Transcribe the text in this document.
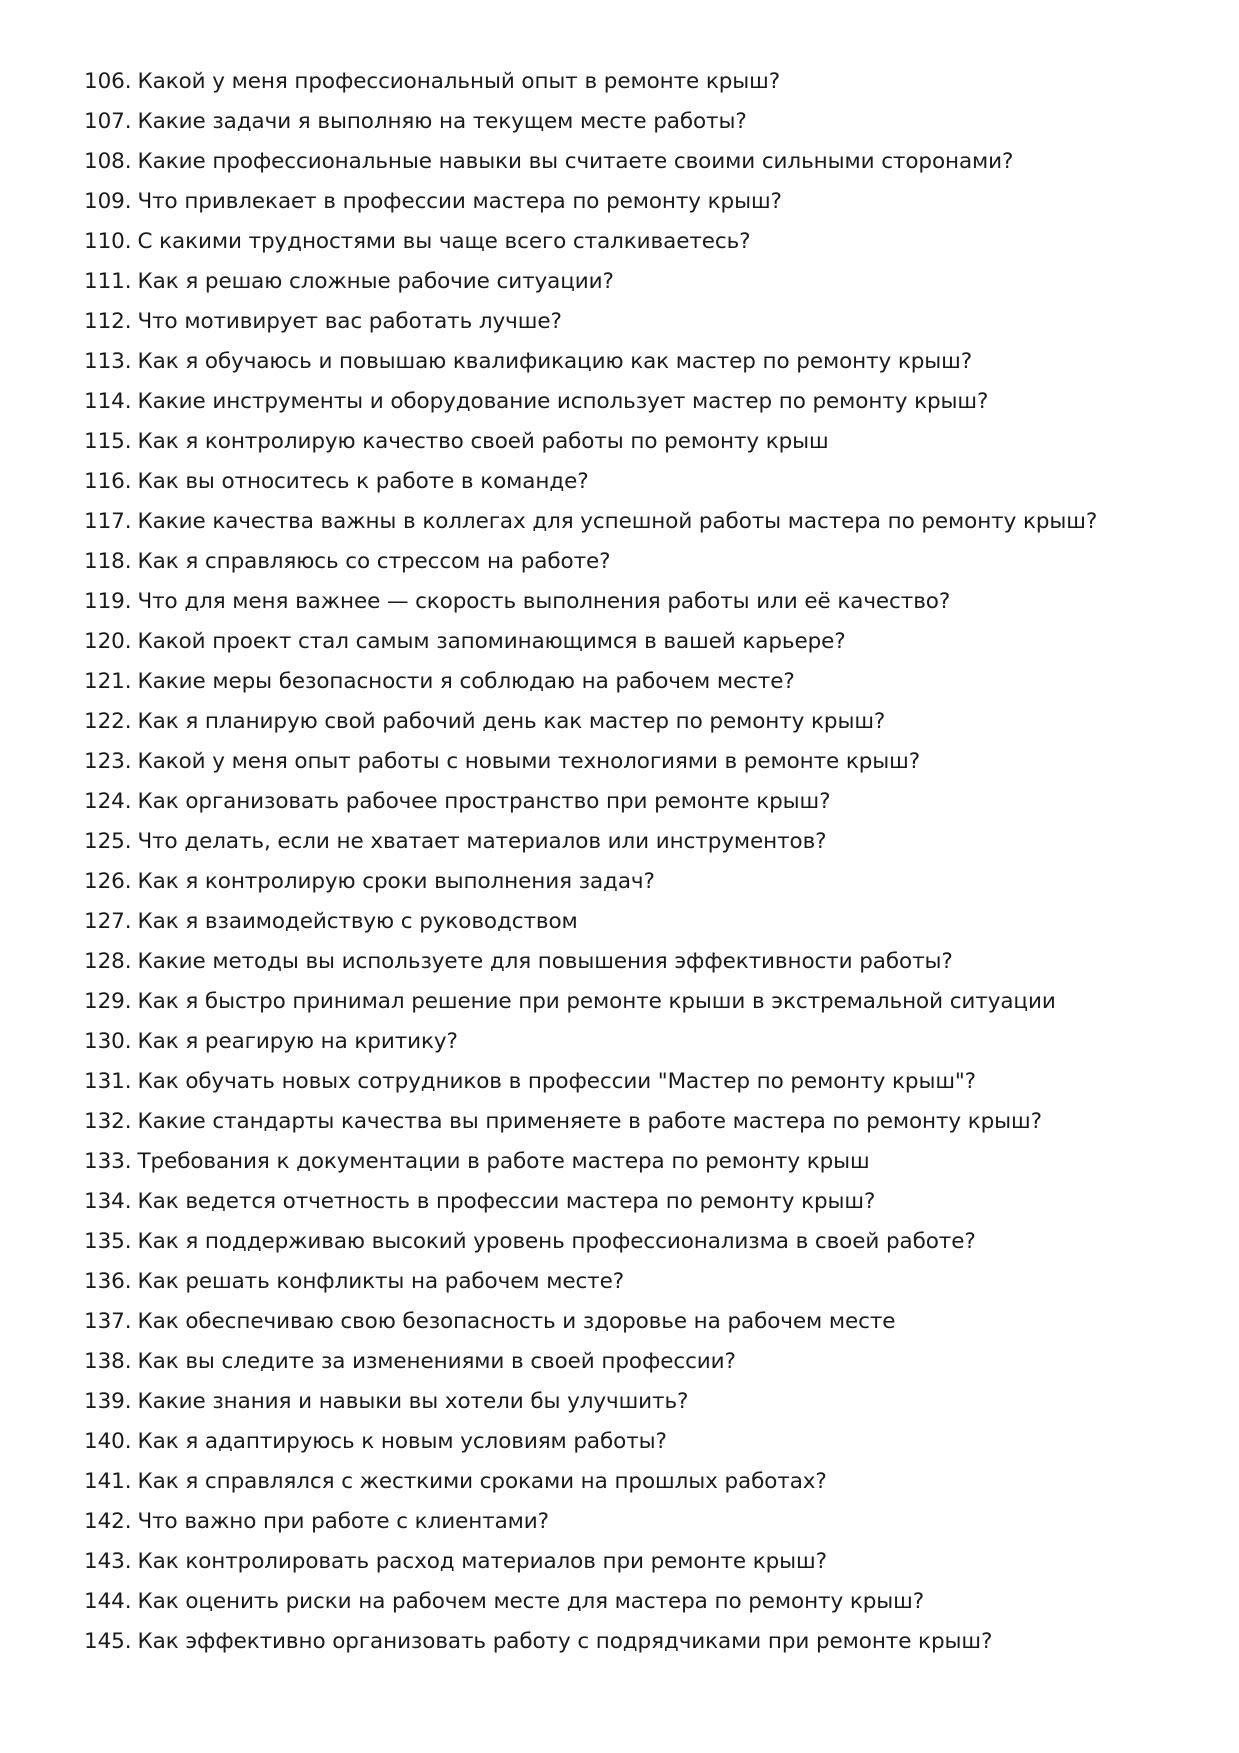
106. Какой у меня профессиональный опыт в ремонте крыш?
107. Какие задачи я выполняю на текущем месте работы?
108. Какие профессиональные навыки вы считаете своими сильными сторонами?
109. Что привлекает в профессии мастера по ремонту крыш?
110. С какими трудностями вы чаще всего сталкиваетесь?
111. Как я решаю сложные рабочие ситуации?
112. Что мотивирует вас работать лучше?
113. Как я обучаюсь и повышаю квалификацию как мастер по ремонту крыш?
114. Какие инструменты и оборудование использует мастер по ремонту крыш?
115. Как я контролирую качество своей работы по ремонту крыш
116. Как вы относитесь к работе в команде?
117. Какие качества важны в коллегах для успешной работы мастера по ремонту крыш?
118. Как я справляюсь со стрессом на работе?
119. Что для меня важнее — скорость выполнения работы или её качество?
120. Какой проект стал самым запоминающимся в вашей карьере?
121. Какие меры безопасности я соблюдаю на рабочем месте?
122. Как я планирую свой рабочий день как мастер по ремонту крыш?
123. Какой у меня опыт работы с новыми технологиями в ремонте крыш?
124. Как организовать рабочее пространство при ремонте крыш?
125. Что делать, если не хватает материалов или инструментов?
126. Как я контролирую сроки выполнения задач?
127. Как я взаимодействую с руководством
128. Какие методы вы используете для повышения эффективности работы?
129. Как я быстро принимал решение при ремонте крыши в экстремальной ситуации
130. Как я реагирую на критику?
131. Как обучать новых сотрудников в профессии "Мастер по ремонту крыш"?
132. Какие стандарты качества вы применяете в работе мастера по ремонту крыш?
133. Требования к документации в работе мастера по ремонту крыш
134. Как ведется отчетность в профессии мастера по ремонту крыш?
135. Как я поддерживаю высокий уровень профессионализма в своей работе?
136. Как решать конфликты на рабочем месте?
137. Как обеспечиваю свою безопасность и здоровье на рабочем месте
138. Как вы следите за изменениями в своей профессии?
139. Какие знания и навыки вы хотели бы улучшить?
140. Как я адаптируюсь к новым условиям работы?
141. Как я справлялся с жесткими сроками на прошлых работах?
142. Что важно при работе с клиентами?
143. Как контролировать расход материалов при ремонте крыш?
144. Как оценить риски на рабочем месте для мастера по ремонту крыш?
145. Как эффективно организовать работу с подрядчиками при ремонте крыш?
